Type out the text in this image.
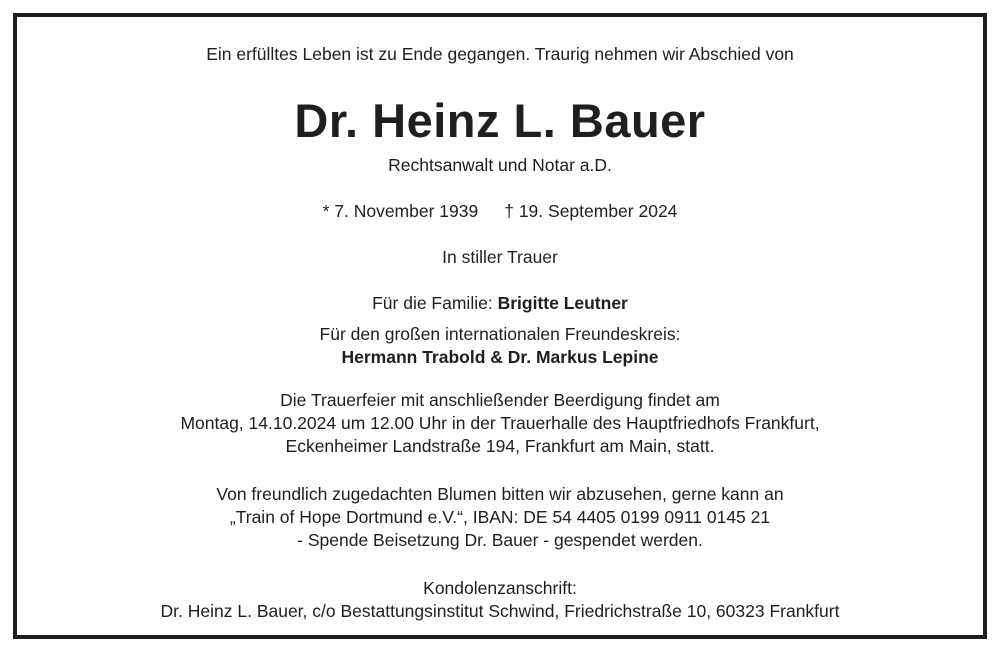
Ein erfülltes Leben ist zu Ende gegangen. Traurig nehmen wir Abschied von
Dr. Heinz L. Bauer
Rechtsanwalt und Notar a.D.
* 7. November 1939 † 19. September 2024
In stiller Trauer
Für die Familie: Brigitte Leutner
Für den großen internationalen Freundeskreis:
Hermann Trabold & Dr. Markus Lepine
Die Trauerfeier mit anschließender Beerdigung findet am
Montag, 14.10.2024 um 12.00 Uhr in der Trauerhalle des Hauptfriedhofs Frankfurt,
Eckenheimer Landstraße 194, Frankfurt am Main, statt.
Von freundlich zugedachten Blumen bitten wir abzusehen, gerne kann an
„Train of Hope Dortmund e.V.“, IBAN: DE 54 4405 0199 0911 0145 21
- Spende Beisetzung Dr. Bauer - gespendet werden.
Kondolenzanschrift:
Dr. Heinz L. Bauer, c/o Bestattungsinstitut Schwind, Friedrichstraße 10, 60323 Frankfurt
